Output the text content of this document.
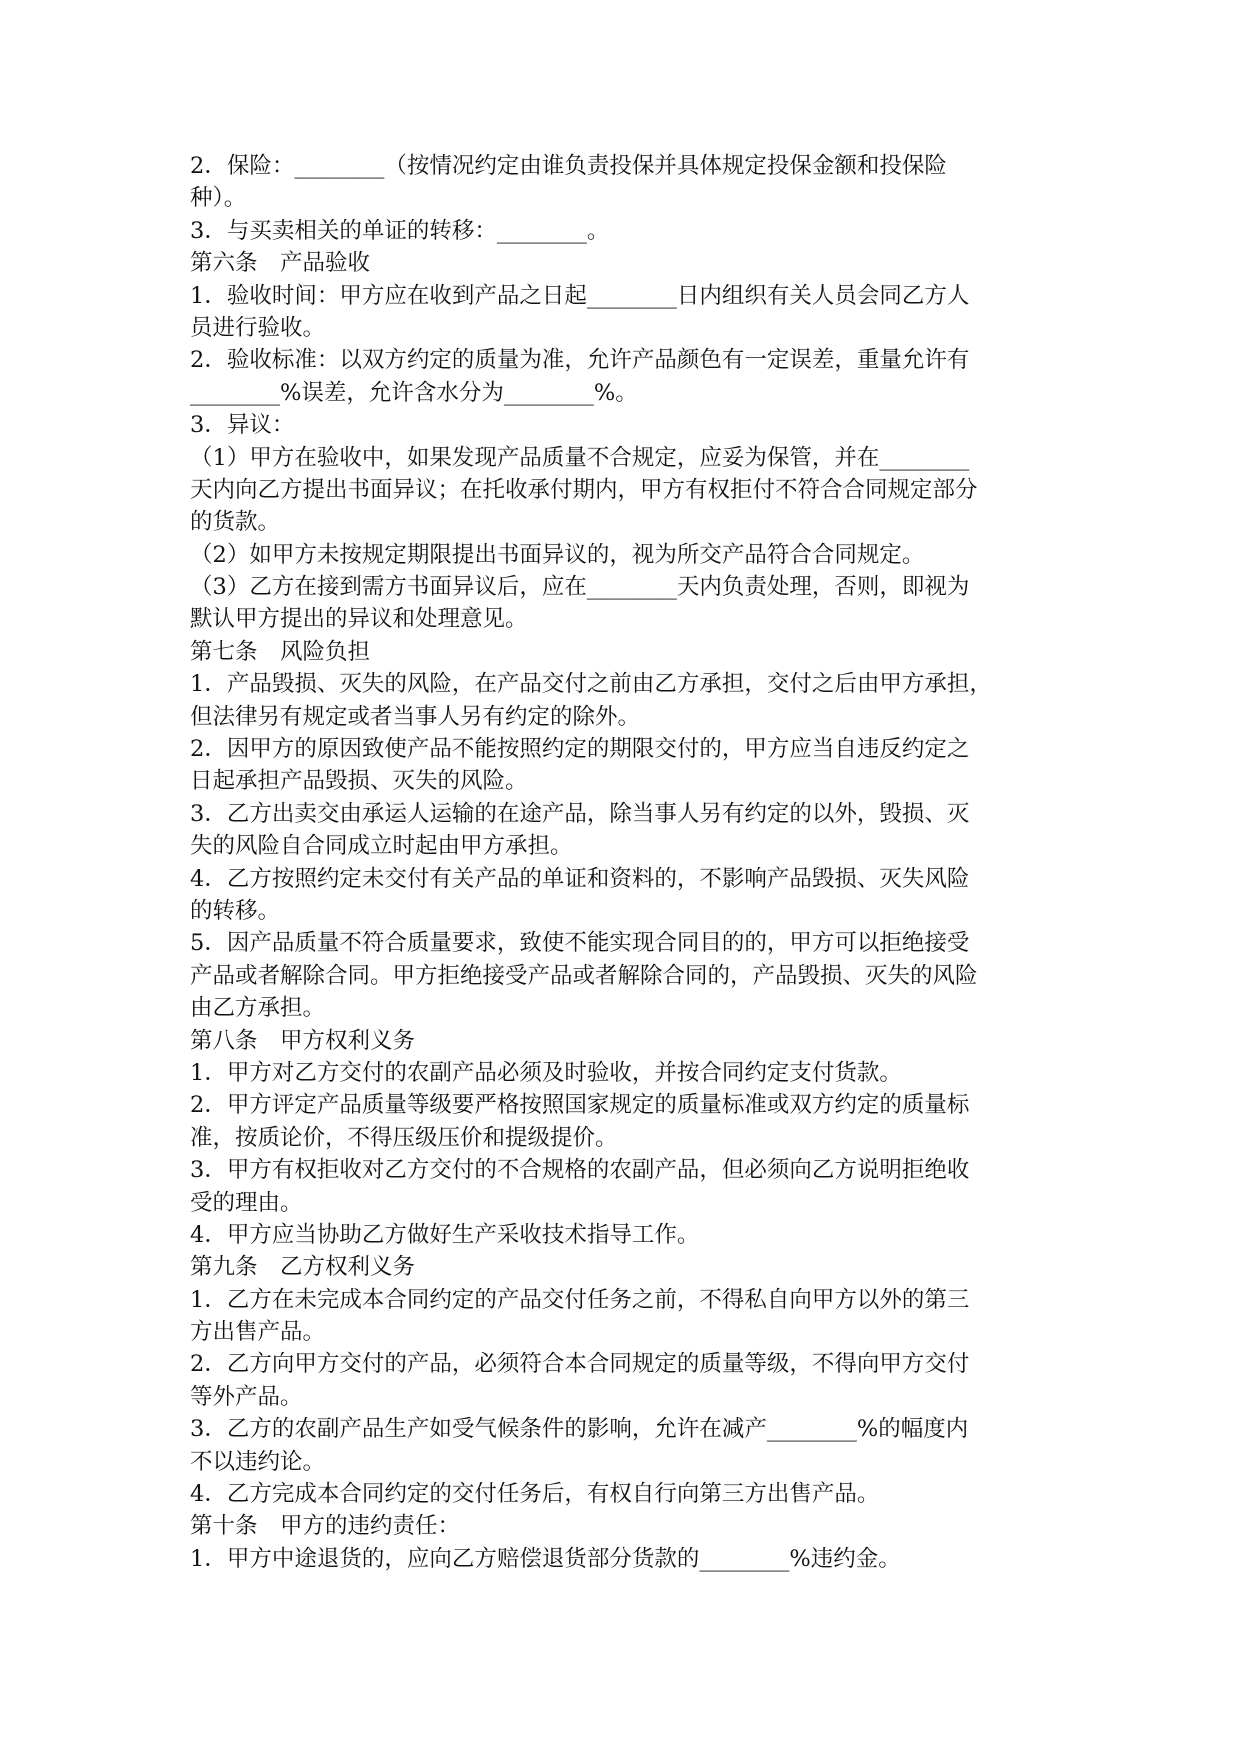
2．保险：________（按情况约定由谁负责投保并具体规定投保金额和投保险
种）。
3．与买卖相关的单证的转移：________。
第六条　产品验收
1．验收时间：甲方应在收到产品之日起________日内组织有关人员会同乙方人
员进行验收。
2．验收标准：以双方约定的质量为准，允许产品颜色有一定误差，重量允许有
________%误差，允许含水分为________%。
3．异议：
（1）甲方在验收中，如果发现产品质量不合规定，应妥为保管，并在________
天内向乙方提出书面异议；在托收承付期内，甲方有权拒付不符合合同规定部分
的货款。
（2）如甲方未按规定期限提出书面异议的，视为所交产品符合合同规定。
（3）乙方在接到需方书面异议后，应在________天内负责处理，否则，即视为
默认甲方提出的异议和处理意见。
第七条　风险负担
1．产品毁损、灭失的风险，在产品交付之前由乙方承担，交付之后由甲方承担，
但法律另有规定或者当事人另有约定的除外。
2．因甲方的原因致使产品不能按照约定的期限交付的，甲方应当自违反约定之
日起承担产品毁损、灭失的风险。
3．乙方出卖交由承运人运输的在途产品，除当事人另有约定的以外，毁损、灭
失的风险自合同成立时起由甲方承担。
4．乙方按照约定未交付有关产品的单证和资料的，不影响产品毁损、灭失风险
的转移。
5．因产品质量不符合质量要求，致使不能实现合同目的的，甲方可以拒绝接受
产品或者解除合同。甲方拒绝接受产品或者解除合同的，产品毁损、灭失的风险
由乙方承担。
第八条　甲方权利义务
1．甲方对乙方交付的农副产品必须及时验收，并按合同约定支付货款。
2．甲方评定产品质量等级要严格按照国家规定的质量标准或双方约定的质量标
准，按质论价，不得压级压价和提级提价。
3．甲方有权拒收对乙方交付的不合规格的农副产品，但必须向乙方说明拒绝收
受的理由。
4．甲方应当协助乙方做好生产采收技术指导工作。
第九条　乙方权利义务
1．乙方在未完成本合同约定的产品交付任务之前，不得私自向甲方以外的第三
方出售产品。
2．乙方向甲方交付的产品，必须符合本合同规定的质量等级，不得向甲方交付
等外产品。
3．乙方的农副产品生产如受气候条件的影响，允许在减产________%的幅度内
不以违约论。
4．乙方完成本合同约定的交付任务后，有权自行向第三方出售产品。
第十条　甲方的违约责任：
1．甲方中途退货的，应向乙方赔偿退货部分货款的________%违约金。
